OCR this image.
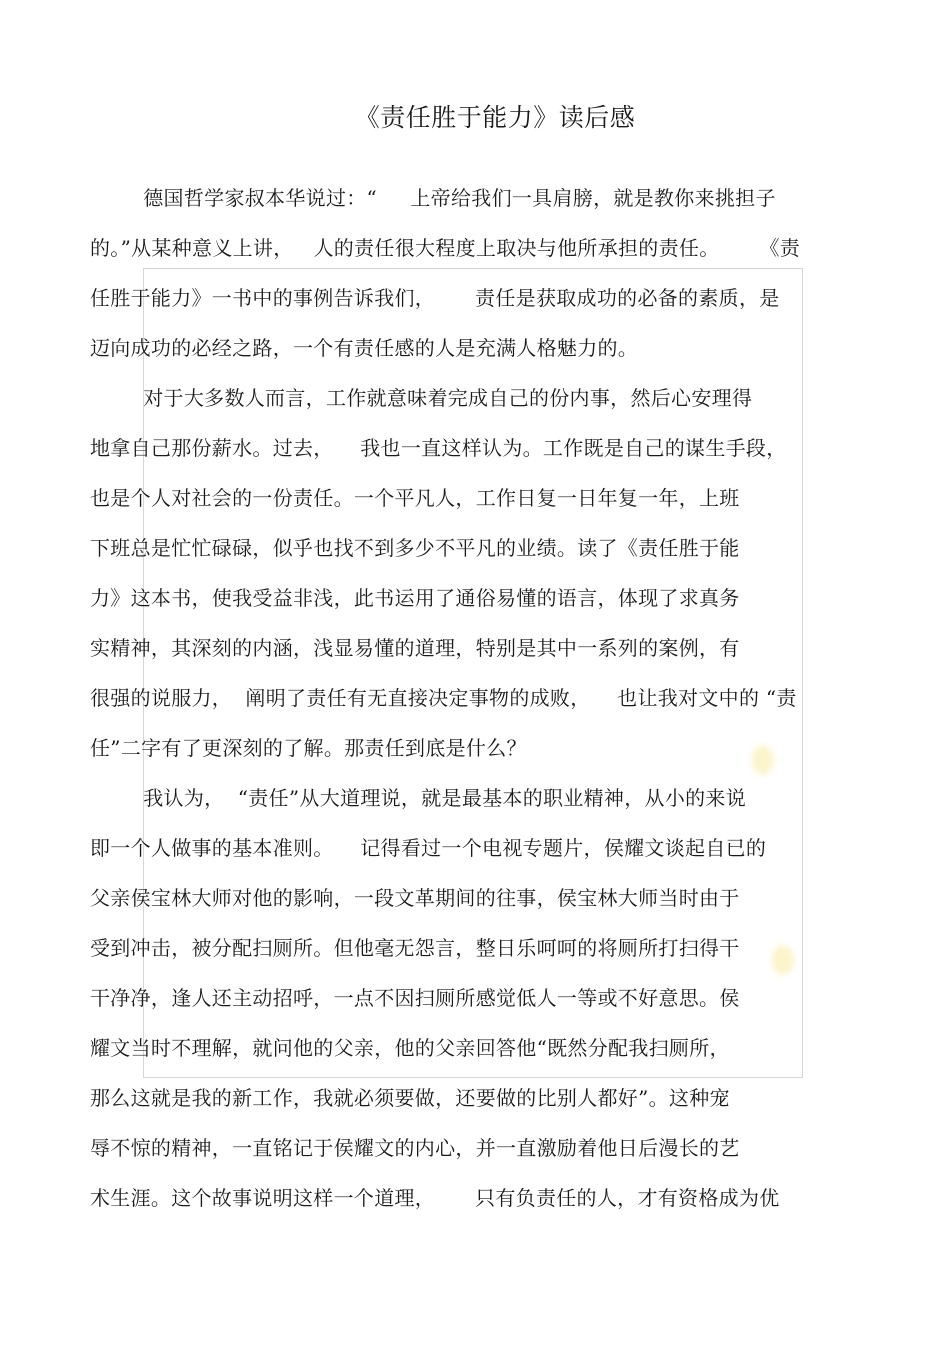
《责任胜于能力》读后感
德国哲学家叔本华说过：“     上帝给我们一具肩膀，就是教你来挑担子
的。”从某种意义上讲，   人的责任很大程度上取决与他所承担的责任。      《责
任胜于能力》一书中的事例告诉我们，      责任是获取成功的必备的素质，是
迈向成功的必经之路，一个有责任感的人是充满人格魅力的。
对于大多数人而言，工作就意味着完成自己的份内事，然后心安理得
地拿自己那份薪水。过去，    我也一直这样认为。工作既是自己的谋生手段，
也是个人对社会的一份责任。一个平凡人，工作日复一日年复一年，上班
下班总是忙忙碌碌，似乎也找不到多少不平凡的业绩。读了《责任胜于能
力》这本书，使我受益非浅，此书运用了通俗易懂的语言，体现了求真务
实精神，其深刻的内涵，浅显易懂的道理，特别是其中一系列的案例，有
很强的说服力，  阐明了责任有无直接决定事物的成败，    也让我对文中的 “责
任”二字有了更深刻的了解。那责任到底是什么？
我认为，  “责任”从大道理说，就是最基本的职业精神，从小的来说
即一个人做事的基本准则。    记得看过一个电视专题片，侯耀文谈起自已的
父亲侯宝林大师对他的影响，一段文革期间的往事，侯宝林大师当时由于
受到冲击，被分配扫厕所。但他毫无怨言，整日乐呵呵的将厕所打扫得干
干净净，逢人还主动招呼，一点不因扫厕所感觉低人一等或不好意思。侯
耀文当时不理解，就问他的父亲，他的父亲回答他“既然分配我扫厕所，
那么这就是我的新工作，我就必须要做，还要做的比别人都好”。这种宠
辱不惊的精神，一直铭记于侯耀文的内心，并一直激励着他日后漫长的艺
术生涯。这个故事说明这样一个道理，      只有负责任的人，才有资格成为优
